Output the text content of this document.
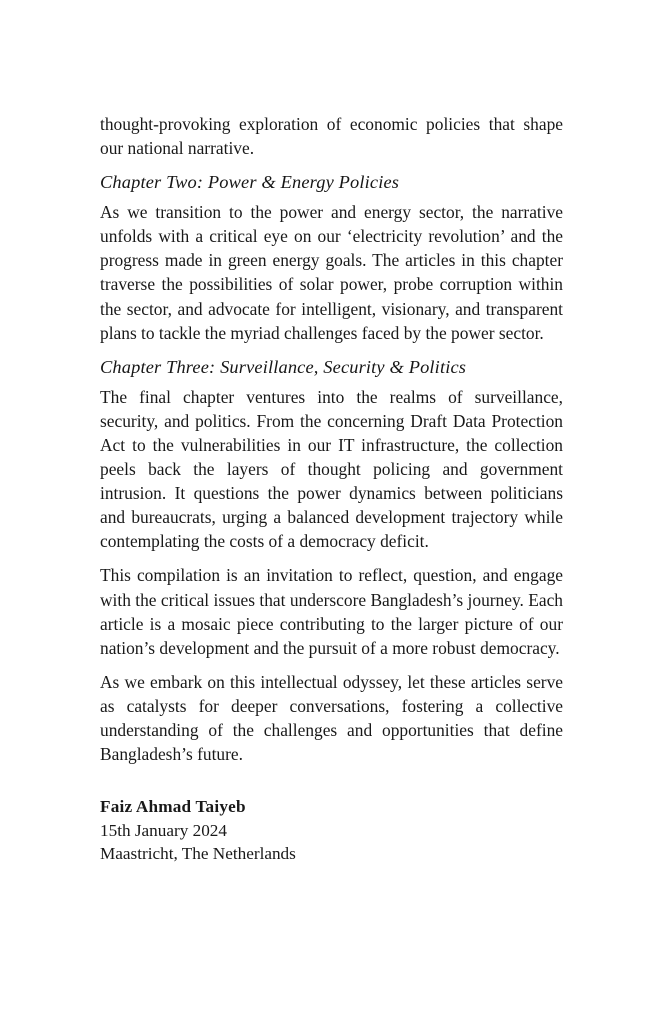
thought-provoking exploration of economic policies that shape our national narrative.

Chapter Two: Power & Energy Policies

As we transition to the power and energy sector, the narrative unfolds with a critical eye on our ‘electricity revolution’ and the progress made in green energy goals. The articles in this chapter traverse the possibilities of solar power, probe corruption within the sector, and advocate for intelligent, visionary, and transparent plans to tackle the myriad challenges faced by the power sector.

Chapter Three: Surveillance, Security & Politics

The final chapter ventures into the realms of surveillance, security, and politics. From the concerning Draft Data Protection Act to the vulnerabilities in our IT infrastructure, the collection peels back the layers of thought policing and government intrusion. It questions the power dynamics between politicians and bureaucrats, urging a balanced development trajectory while contemplating the costs of a democracy deficit.

This compilation is an invitation to reflect, question, and engage with the critical issues that underscore Bangladesh’s journey. Each article is a mosaic piece contributing to the larger picture of our nation’s development and the pursuit of a more robust democracy.

As we embark on this intellectual odyssey, let these articles serve as catalysts for deeper conversations, fostering a collective understanding of the challenges and opportunities that define Bangladesh’s future.

Faiz Ahmad Taiyeb
15th January 2024
Maastricht, The Netherlands
